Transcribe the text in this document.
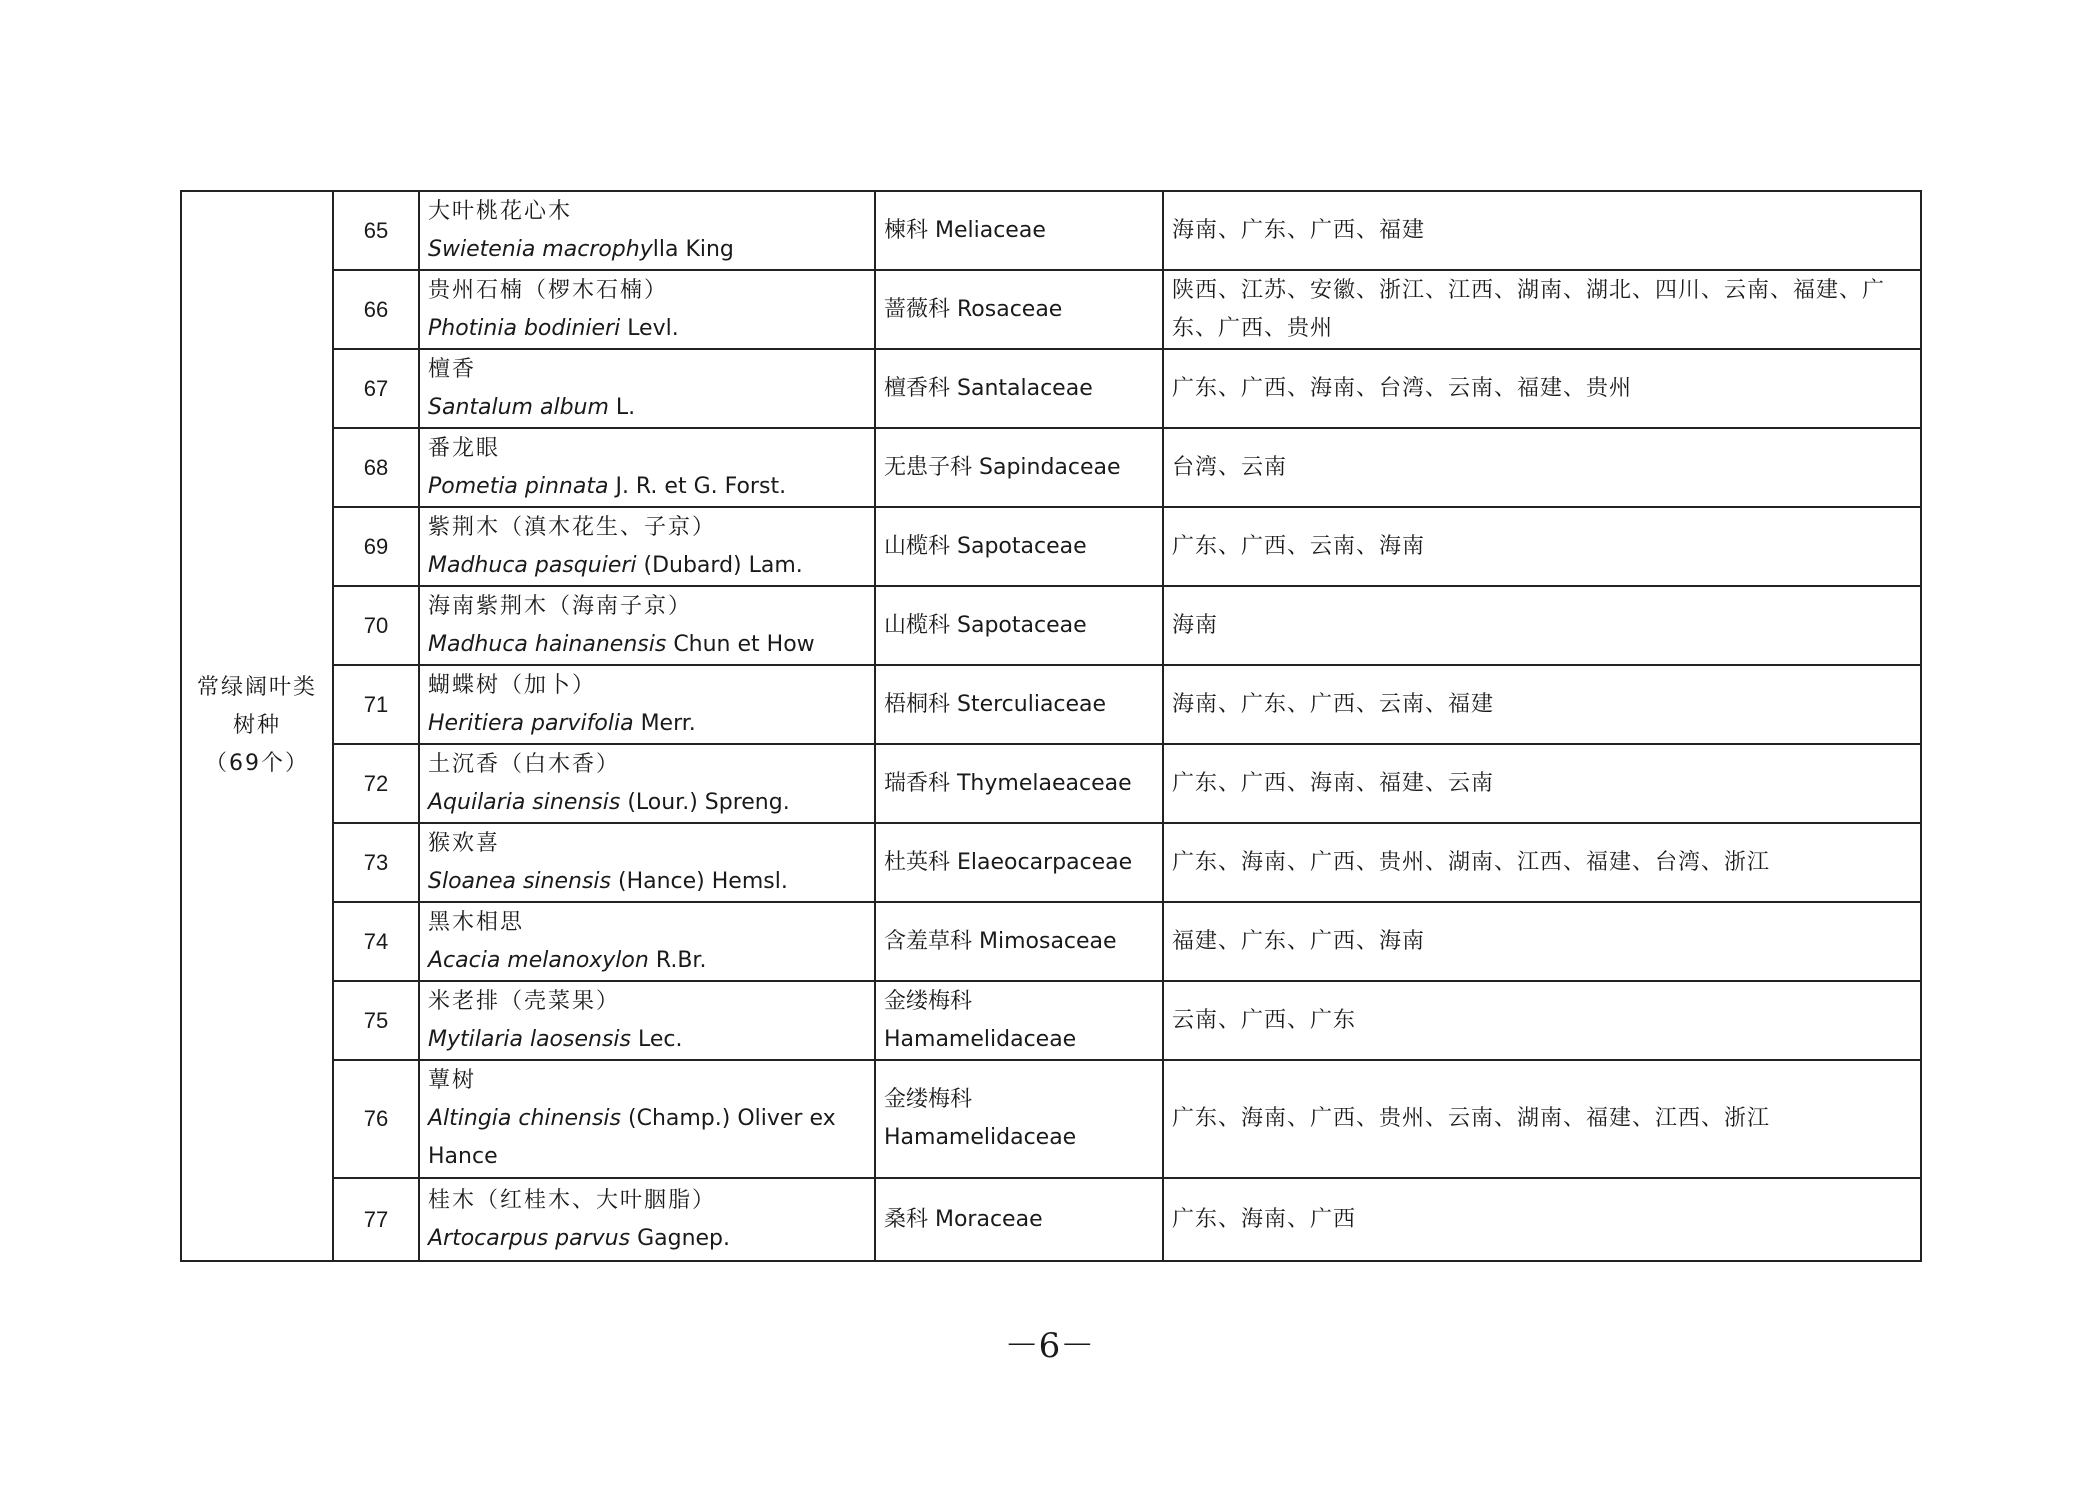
常绿阔叶类
树种
（69个）	65	大叶桃花心木
Swietenia macrophylla King	楝科 Meliaceae	海南、广东、广西、福建
	66	贵州石楠（椤木石楠）
Photinia bodinieri Levl.	蔷薇科 Rosaceae	陕西、江苏、安徽、浙江、江西、湖南、湖北、四川、云南、福建、广东、广西、贵州
	67	檀香
Santalum album L.	檀香科 Santalaceae	广东、广西、海南、台湾、云南、福建、贵州
	68	番龙眼
Pometia pinnata J. R. et G. Forst.	无患子科 Sapindaceae	台湾、云南
	69	紫荆木（滇木花生、子京）
Madhuca pasquieri (Dubard) Lam.	山榄科 Sapotaceae	广东、广西、云南、海南
	70	海南紫荆木（海南子京）
Madhuca hainanensis Chun et How	山榄科 Sapotaceae	海南
	71	蝴蝶树（加卜）
Heritiera parvifolia Merr.	梧桐科 Sterculiaceae	海南、广东、广西、云南、福建
	72	土沉香（白木香）
Aquilaria sinensis (Lour.) Spreng.	瑞香科 Thymelaeaceae	广东、广西、海南、福建、云南
	73	猴欢喜
Sloanea sinensis (Hance) Hemsl.	杜英科 Elaeocarpaceae	广东、海南、广西、贵州、湖南、江西、福建、台湾、浙江
	74	黑木相思
Acacia melanoxylon R.Br.	含羞草科 Mimosaceae	福建、广东、广西、海南
	75	米老排（壳菜果）
Mytilaria laosensis Lec.	金缕梅科 Hamamelidaceae	云南、广西、广东
	76	蕈树
Altingia chinensis (Champ.) Oliver ex Hance	金缕梅科 Hamamelidaceae	广东、海南、广西、贵州、云南、湖南、福建、江西、浙江
	77	桂木（红桂木、大叶胭脂）
Artocarpus parvus Gagnep.	桑科 Moraceae	广东、海南、广西
－6－
